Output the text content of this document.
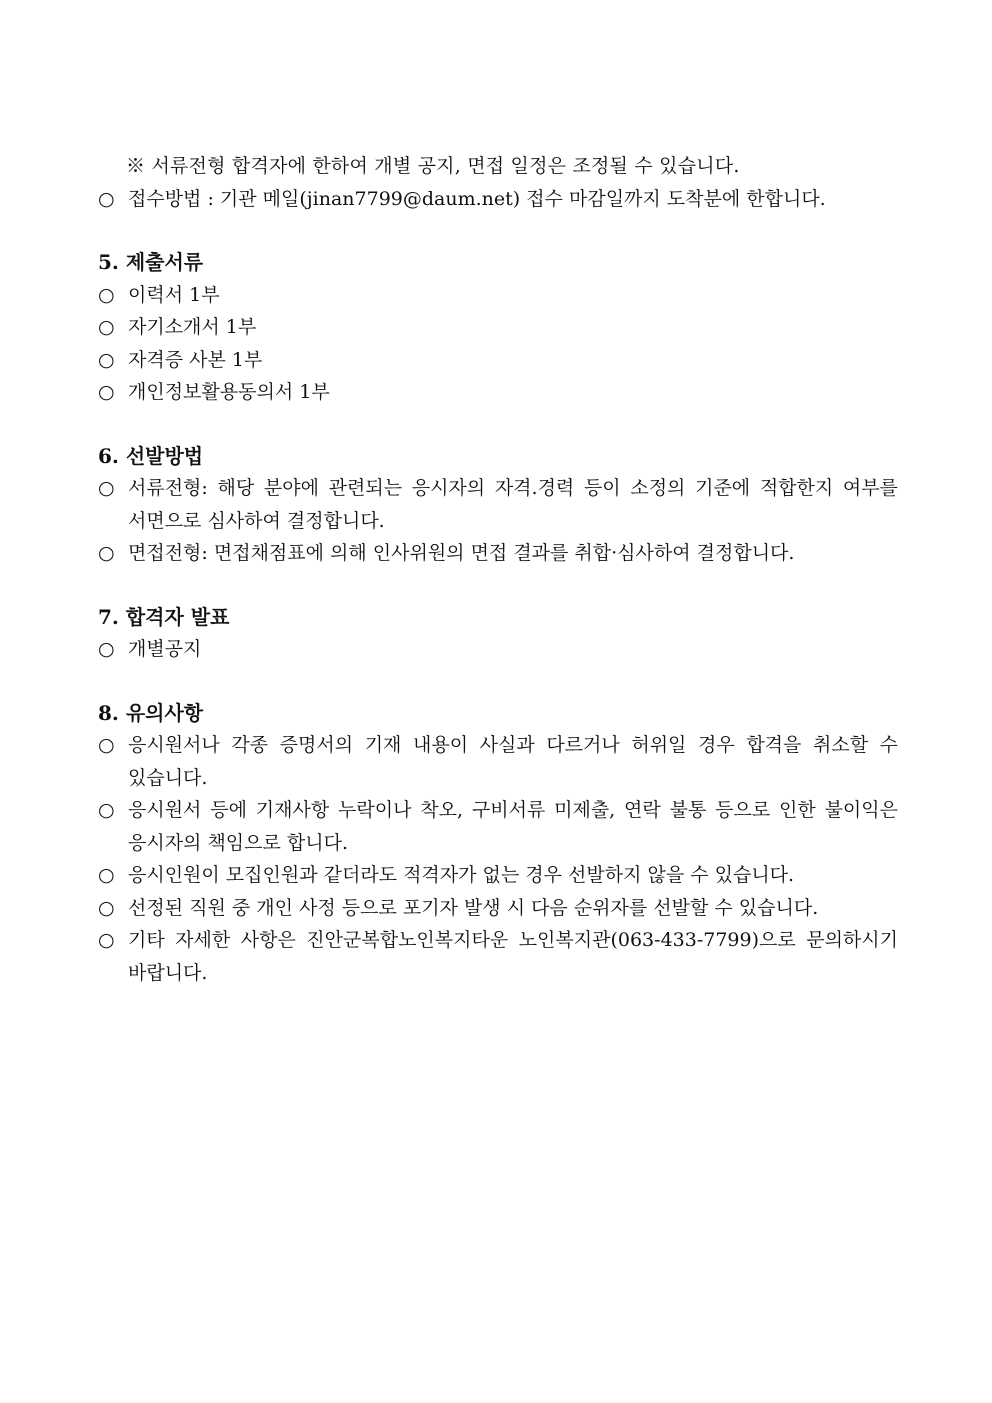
※ 서류전형 합격자에 한하여 개별 공지, 면접 일정은 조정될 수 있습니다.
○ 접수방법 : 기관 메일(jinan7799@daum.net) 접수 마감일까지 도착분에 한합니다.
5. 제출서류
○ 이력서 1부
○ 자기소개서 1부
○ 자격증 사본 1부
○ 개인정보활용동의서 1부
6. 선발방법
○ 서류전형: 해당 분야에 관련되는 응시자의 자격.경력 등이 소정의 기준에 적합한지 여부를 서면으로 심사하여 결정합니다.
○ 면접전형: 면접채점표에 의해 인사위원의 면접 결과를 취합·심사하여 결정합니다.
7. 합격자 발표
○ 개별공지
8. 유의사항
○ 응시원서나 각종 증명서의 기재 내용이 사실과 다르거나 허위일 경우 합격을 취소할 수 있습니다.
○ 응시원서 등에 기재사항 누락이나 착오, 구비서류 미제출, 연락 불통 등으로 인한 불이익은 응시자의 책임으로 합니다.
○ 응시인원이 모집인원과 같더라도 적격자가 없는 경우 선발하지 않을 수 있습니다.
○ 선정된 직원 중 개인 사정 등으로 포기자 발생 시 다음 순위자를 선발할 수 있습니다.
○ 기타 자세한 사항은 진안군복합노인복지타운 노인복지관(063-433-7799)으로 문의하시기 바랍니다.
